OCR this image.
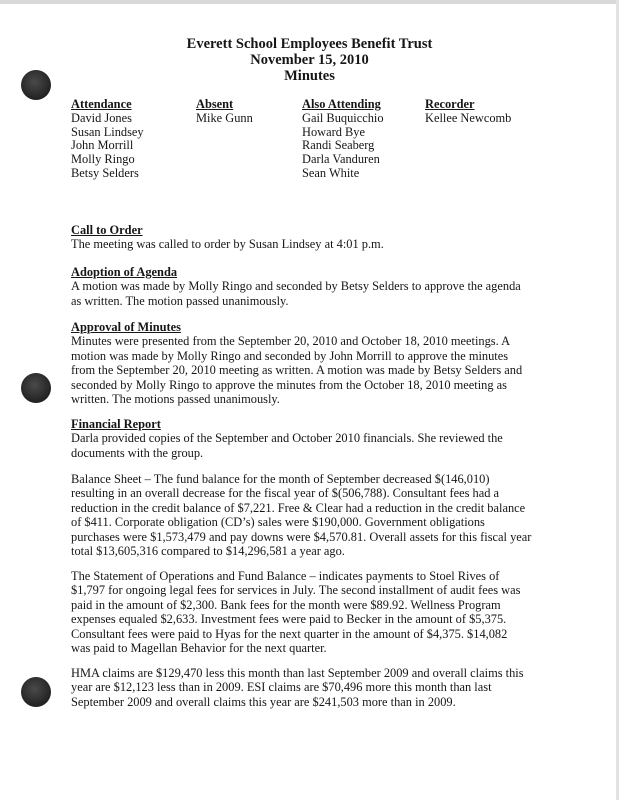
Everett School Employees Benefit Trust
November 15, 2010
Minutes
Attendance
David Jones
Susan Lindsey
John Morrill
Molly Ringo
Betsy Selders
Absent
Mike Gunn
Also Attending
Gail Buquicchio
Howard Bye
Randi Seaberg
Darla Vanduren
Sean White
Recorder
Kellee Newcomb
Call to Order
The meeting was called to order by Susan Lindsey at 4:01 p.m.
Adoption of Agenda
A motion was made by Molly Ringo and seconded by Betsy Selders to approve the agenda
as written. The motion passed unanimously.
Approval of Minutes
Minutes were presented from the September 20, 2010 and October 18, 2010 meetings. A
motion was made by Molly Ringo and seconded by John Morrill to approve the minutes
from the September 20, 2010 meeting as written. A motion was made by Betsy Selders and
seconded by Molly Ringo to approve the minutes from the October 18, 2010 meeting as
written. The motions passed unanimously.
Financial Report
Darla provided copies of the September and October 2010 financials. She reviewed the
documents with the group.
Balance Sheet – The fund balance for the month of September decreased $(146,010)
resulting in an overall decrease for the fiscal year of $(506,788). Consultant fees had a
reduction in the credit balance of $7,221. Free & Clear had a reduction in the credit balance
of $411. Corporate obligation (CD’s) sales were $190,000. Government obligations
purchases were $1,573,479 and pay downs were $4,570.81. Overall assets for this fiscal year
total $13,605,316 compared to $14,296,581 a year ago.
The Statement of Operations and Fund Balance – indicates payments to Stoel Rives of
$1,797 for ongoing legal fees for services in July. The second installment of audit fees was
paid in the amount of $2,300. Bank fees for the month were $89.92. Wellness Program
expenses equaled $2,633. Investment fees were paid to Becker in the amount of $5,375.
Consultant fees were paid to Hyas for the next quarter in the amount of $4,375. $14,082
was paid to Magellan Behavior for the next quarter.
HMA claims are $129,470 less this month than last September 2009 and overall claims this
year are $12,123 less than in 2009. ESI claims are $70,496 more this month than last
September 2009 and overall claims this year are $241,503 more than in 2009.
